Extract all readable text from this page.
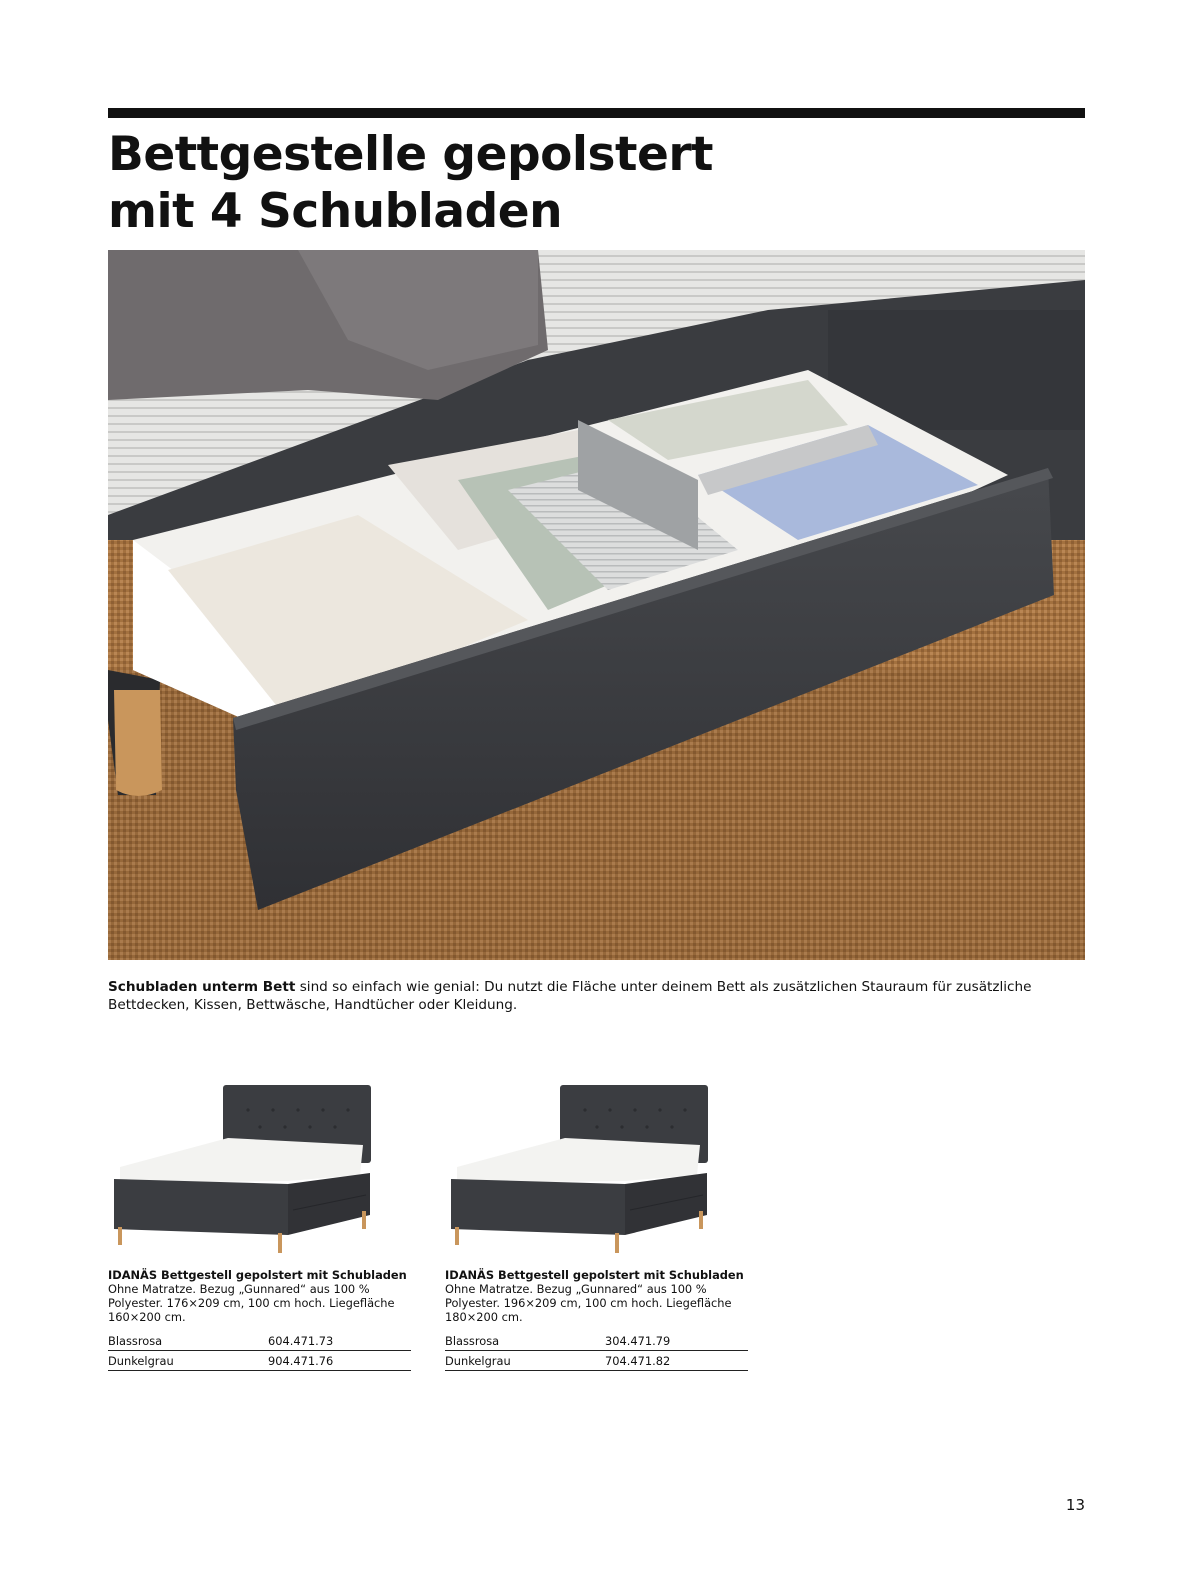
Bettgestelle gepolstert
mit 4 Schubladen

Schubladen unterm Bett sind so einfach wie genial: Du nutzt die Fläche unter deinem Bett als zusätzlichen Stauraum für zusätzliche Bettdecken, Kissen, Bettwäsche, Handtücher oder Kleidung.

IDANÄS Bettgestell gepolstert mit Schubladen

Ohne Matratze. Bezug „Gunnared“ aus 100 % Polyester. 176×209 cm, 100 cm hoch. Liegefläche 160×200 cm.

Blassrosa	604.471.73
Dunkelgrau	904.471.76

IDANÄS Bettgestell gepolstert mit Schubladen

Ohne Matratze. Bezug „Gunnared“ aus 100 % Polyester. 196×209 cm, 100 cm hoch. Liegefläche 180×200 cm.

Blassrosa	304.471.79
Dunkelgrau	704.471.82
13
